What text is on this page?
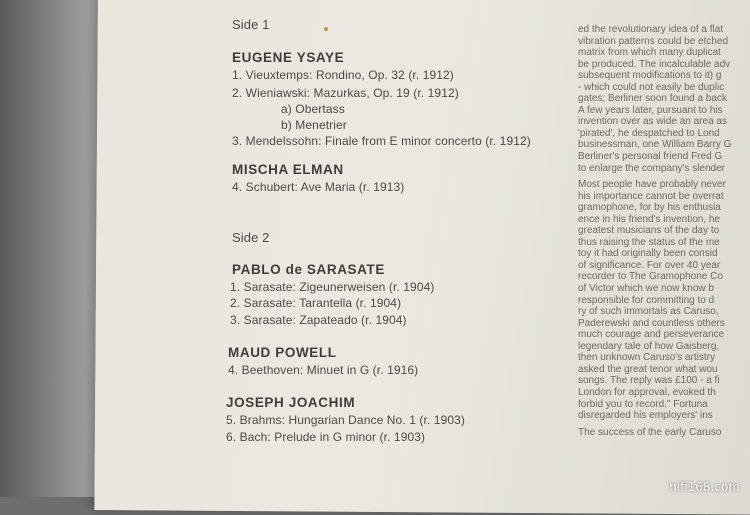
Side 1
EUGENE YSAYE
1. Vieuxtemps: Rondino, Op. 32 (r. 1912)
2. Wieniawski: Mazurkas, Op. 19 (r. 1912)
a) Obertass
b) Menetrier
3. Mendelssohn: Finale from E minor concerto (r. 1912)
MISCHA ELMAN
4. Schubert: Ave Maria (r. 1913)
Side 2
PABLO de SARASATE
1. Sarasate: Zigeunerweisen (r. 1904)
2. Sarasate: Tarantella (r. 1904)
3. Sarasate: Zapateado (r. 1904)
MAUD POWELL
4. Beethoven: Minuet in G (r. 1916)
JOSEPH JOACHIM
5. Brahms: Hungarian Dance No. 1 (r. 1903)
6. Bach: Prelude in G minor (r. 1903)

ed the revolutionary idea of a flat

vibration patterns could be etched

matrix from which many duplicat

be produced. The incalculable adv

subsequent modifications to it) g

- which could not easily be duplic

gates; Berliner soon found a back

A few years later, pursuant to his

invention over as wide an area as

'pirated', he despatched to Lond

businessman, one William Barry G

Berliner's personal friend Fred G

to enlarge the company's slender

Most people have probably never

his importance cannot be overrat

gramophone, for by his enthusia

ence in his friend's invention, he

greatest musicians of the day to

thus raising the status of the me

toy it had originally been consid

of significance. For over 40 year

recorder to The Gramophone Co

of Victor which we now know b

responsible for committing to d

ry of such immortals as Caruso,

Paderewski and countless others

much courage and perseverance

legendary tale of how Gaisberg,

then unknown Caruso's artistry

asked the great tenor what wou

songs. The reply was £100 - a fi

London for approval, evoked th

forbid you to record." Fortuna

disregarded his employers' ins

The success of the early Caruso

hifi168.com
